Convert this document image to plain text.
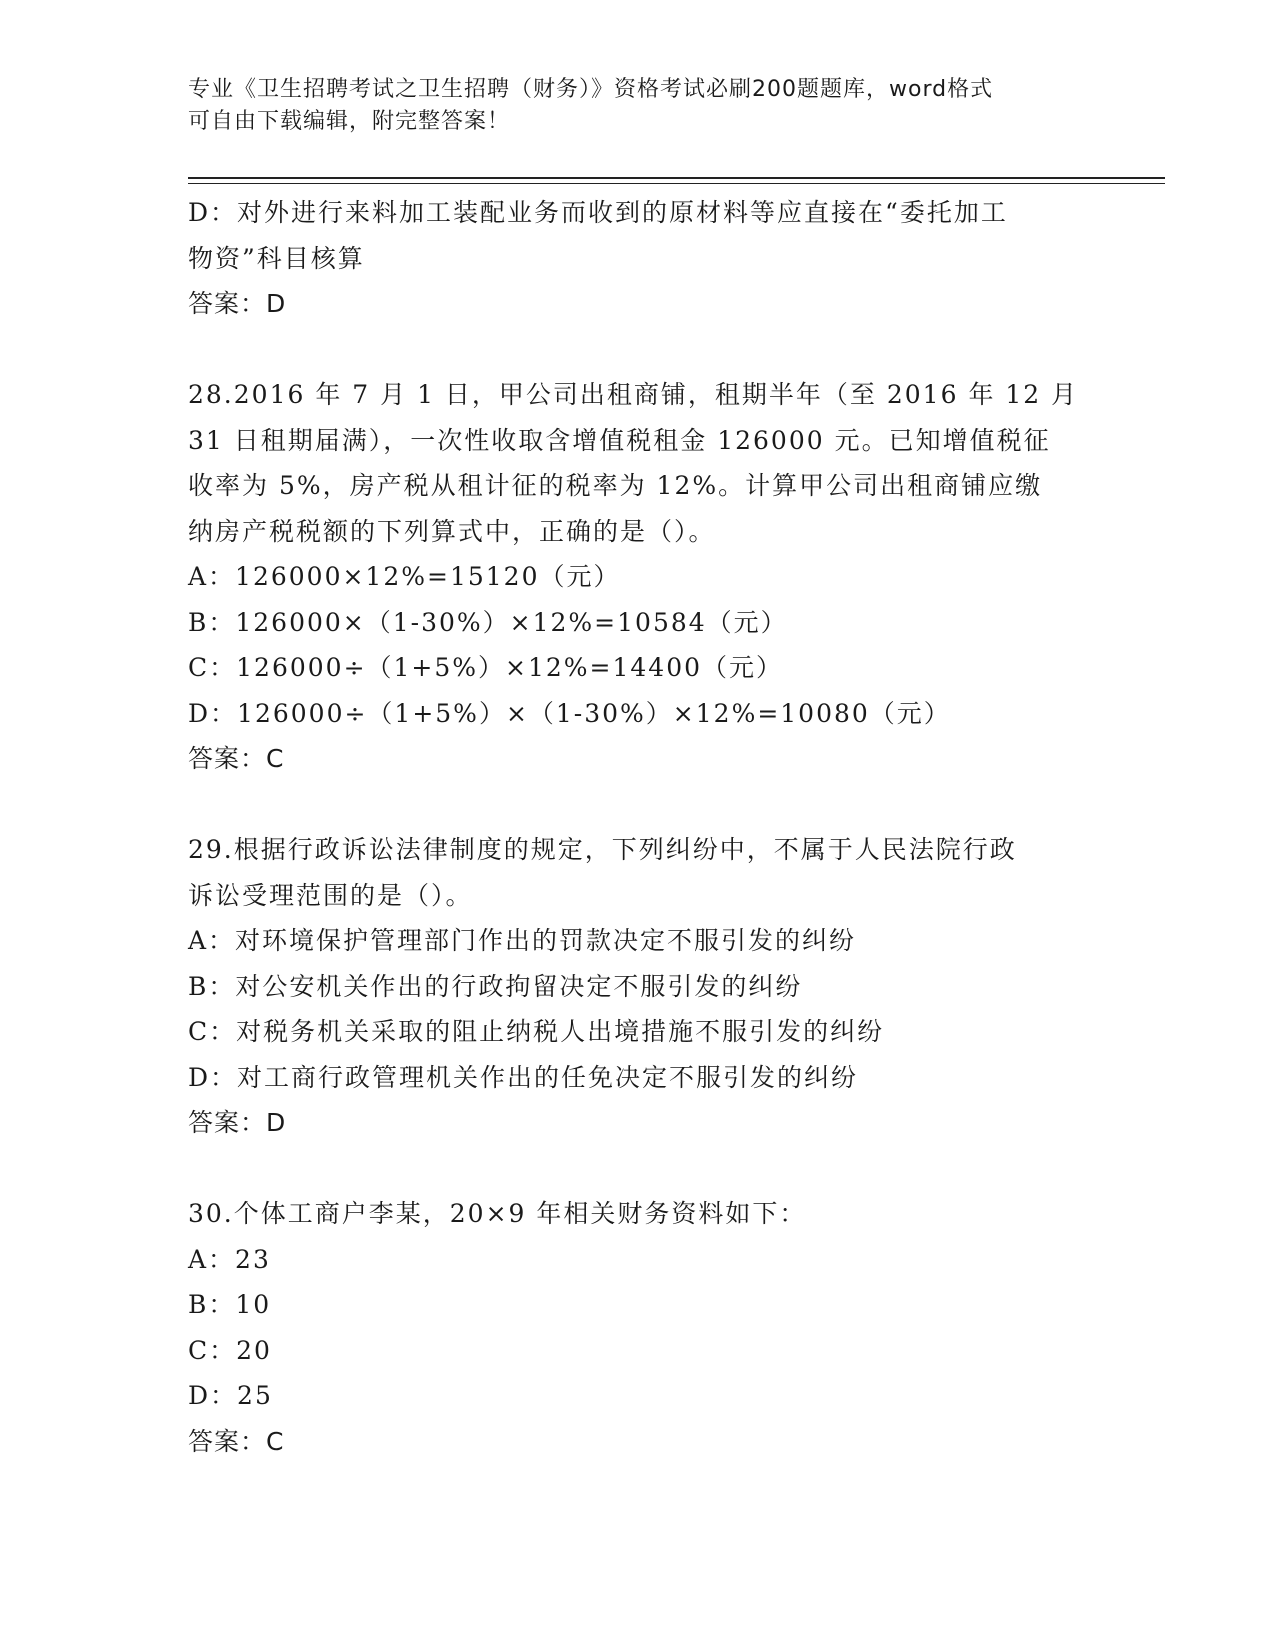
专业《卫生招聘考试之卫生招聘（财务）》资格考试必刷200题题库，word格式
可自由下载编辑，附完整答案！
D：对外进行来料加工装配业务而收到的原材料等应直接在“委托加工
物资”科目核算
答案：D
28.2016 年 7 月 1 日，甲公司出租商铺，租期半年（至 2016 年 12 月
31 日租期届满），一次性收取含增值税租金 126000 元。已知增值税征
收率为 5%，房产税从租计征的税率为 12%。计算甲公司出租商铺应缴
纳房产税税额的下列算式中，正确的是（）。
A：126000×12%=15120（元）
B：126000×（1-30%）×12%=10584（元）
C：126000÷（1+5%）×12%=14400（元）
D：126000÷（1+5%）×（1-30%）×12%=10080（元）
答案：C
29.根据行政诉讼法律制度的规定，下列纠纷中，不属于人民法院行政
诉讼受理范围的是（）。
A：对环境保护管理部门作出的罚款决定不服引发的纠纷
B：对公安机关作出的行政拘留决定不服引发的纠纷
C：对税务机关采取的阻止纳税人出境措施不服引发的纠纷
D：对工商行政管理机关作出的任免决定不服引发的纠纷
答案：D
30.个体工商户李某，20×9 年相关财务资料如下：
A：23
B：10
C：20
D：25
答案：C
